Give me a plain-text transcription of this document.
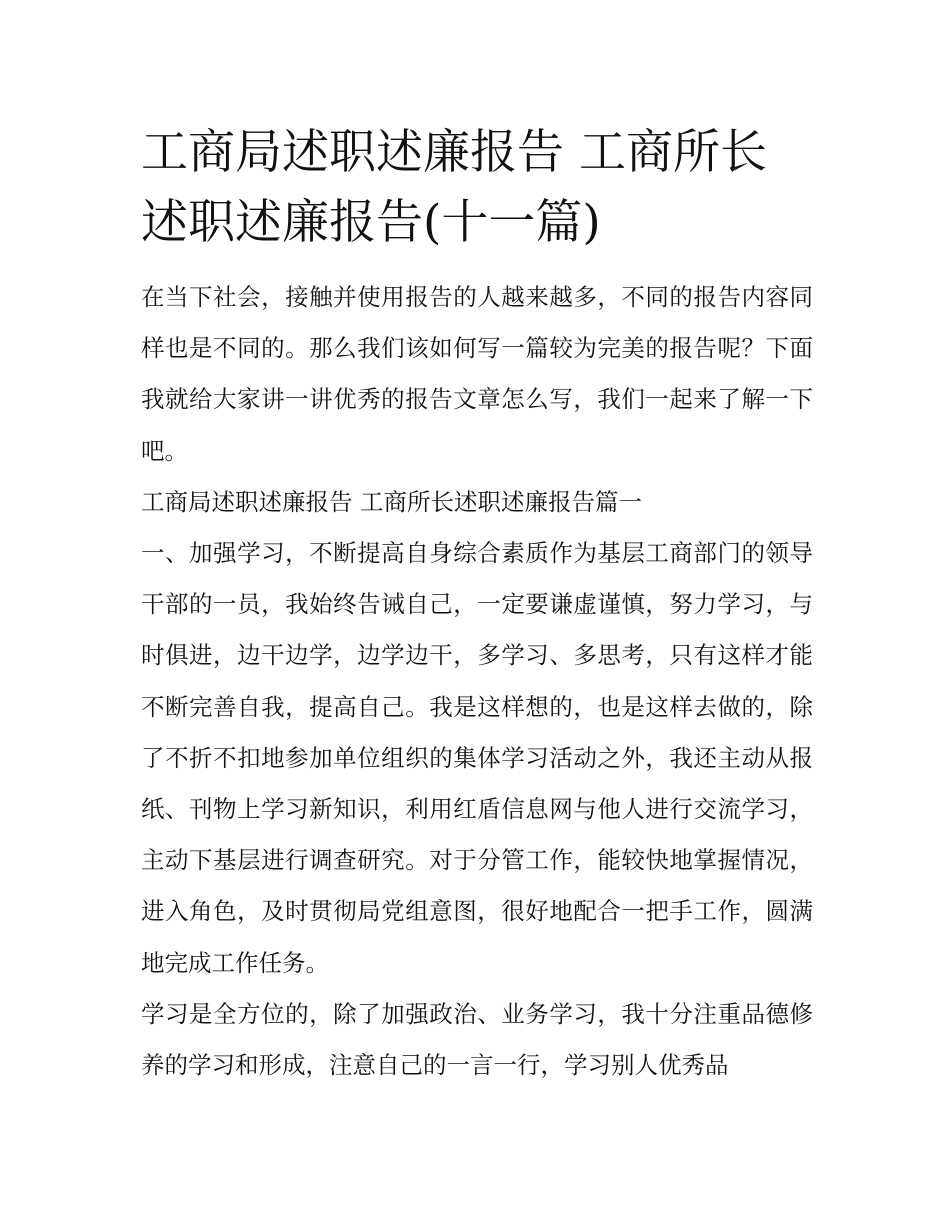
工商局述职述廉报告 工商所长述职述廉报告(十一篇)

在当下社会，接触并使用报告的人越来越多，不同的报告内容同样也是不同的。那么我们该如何写一篇较为完美的报告呢？下面我就给大家讲一讲优秀的报告文章怎么写，我们一起来了解一下吧。

工商局述职述廉报告 工商所长述职述廉报告篇一

一、加强学习，不断提高自身综合素质作为基层工商部门的领导干部的一员，我始终告诫自己，一定要谦虚谨慎，努力学习，与时俱进，边干边学，边学边干，多学习、多思考，只有这样才能不断完善自我，提高自己。我是这样想的，也是这样去做的，除了不折不扣地参加单位组织的集体学习活动之外，我还主动从报纸、刊物上学习新知识，利用红盾信息网与他人进行交流学习，主动下基层进行调查研究。对于分管工作，能较快地掌握情况，进入角色，及时贯彻局党组意图，很好地配合一把手工作，圆满地完成工作任务。

学习是全方位的，除了加强政治、业务学习，我十分注重品德修养的学习和形成，注意自己的一言一行，学习别人优秀品
